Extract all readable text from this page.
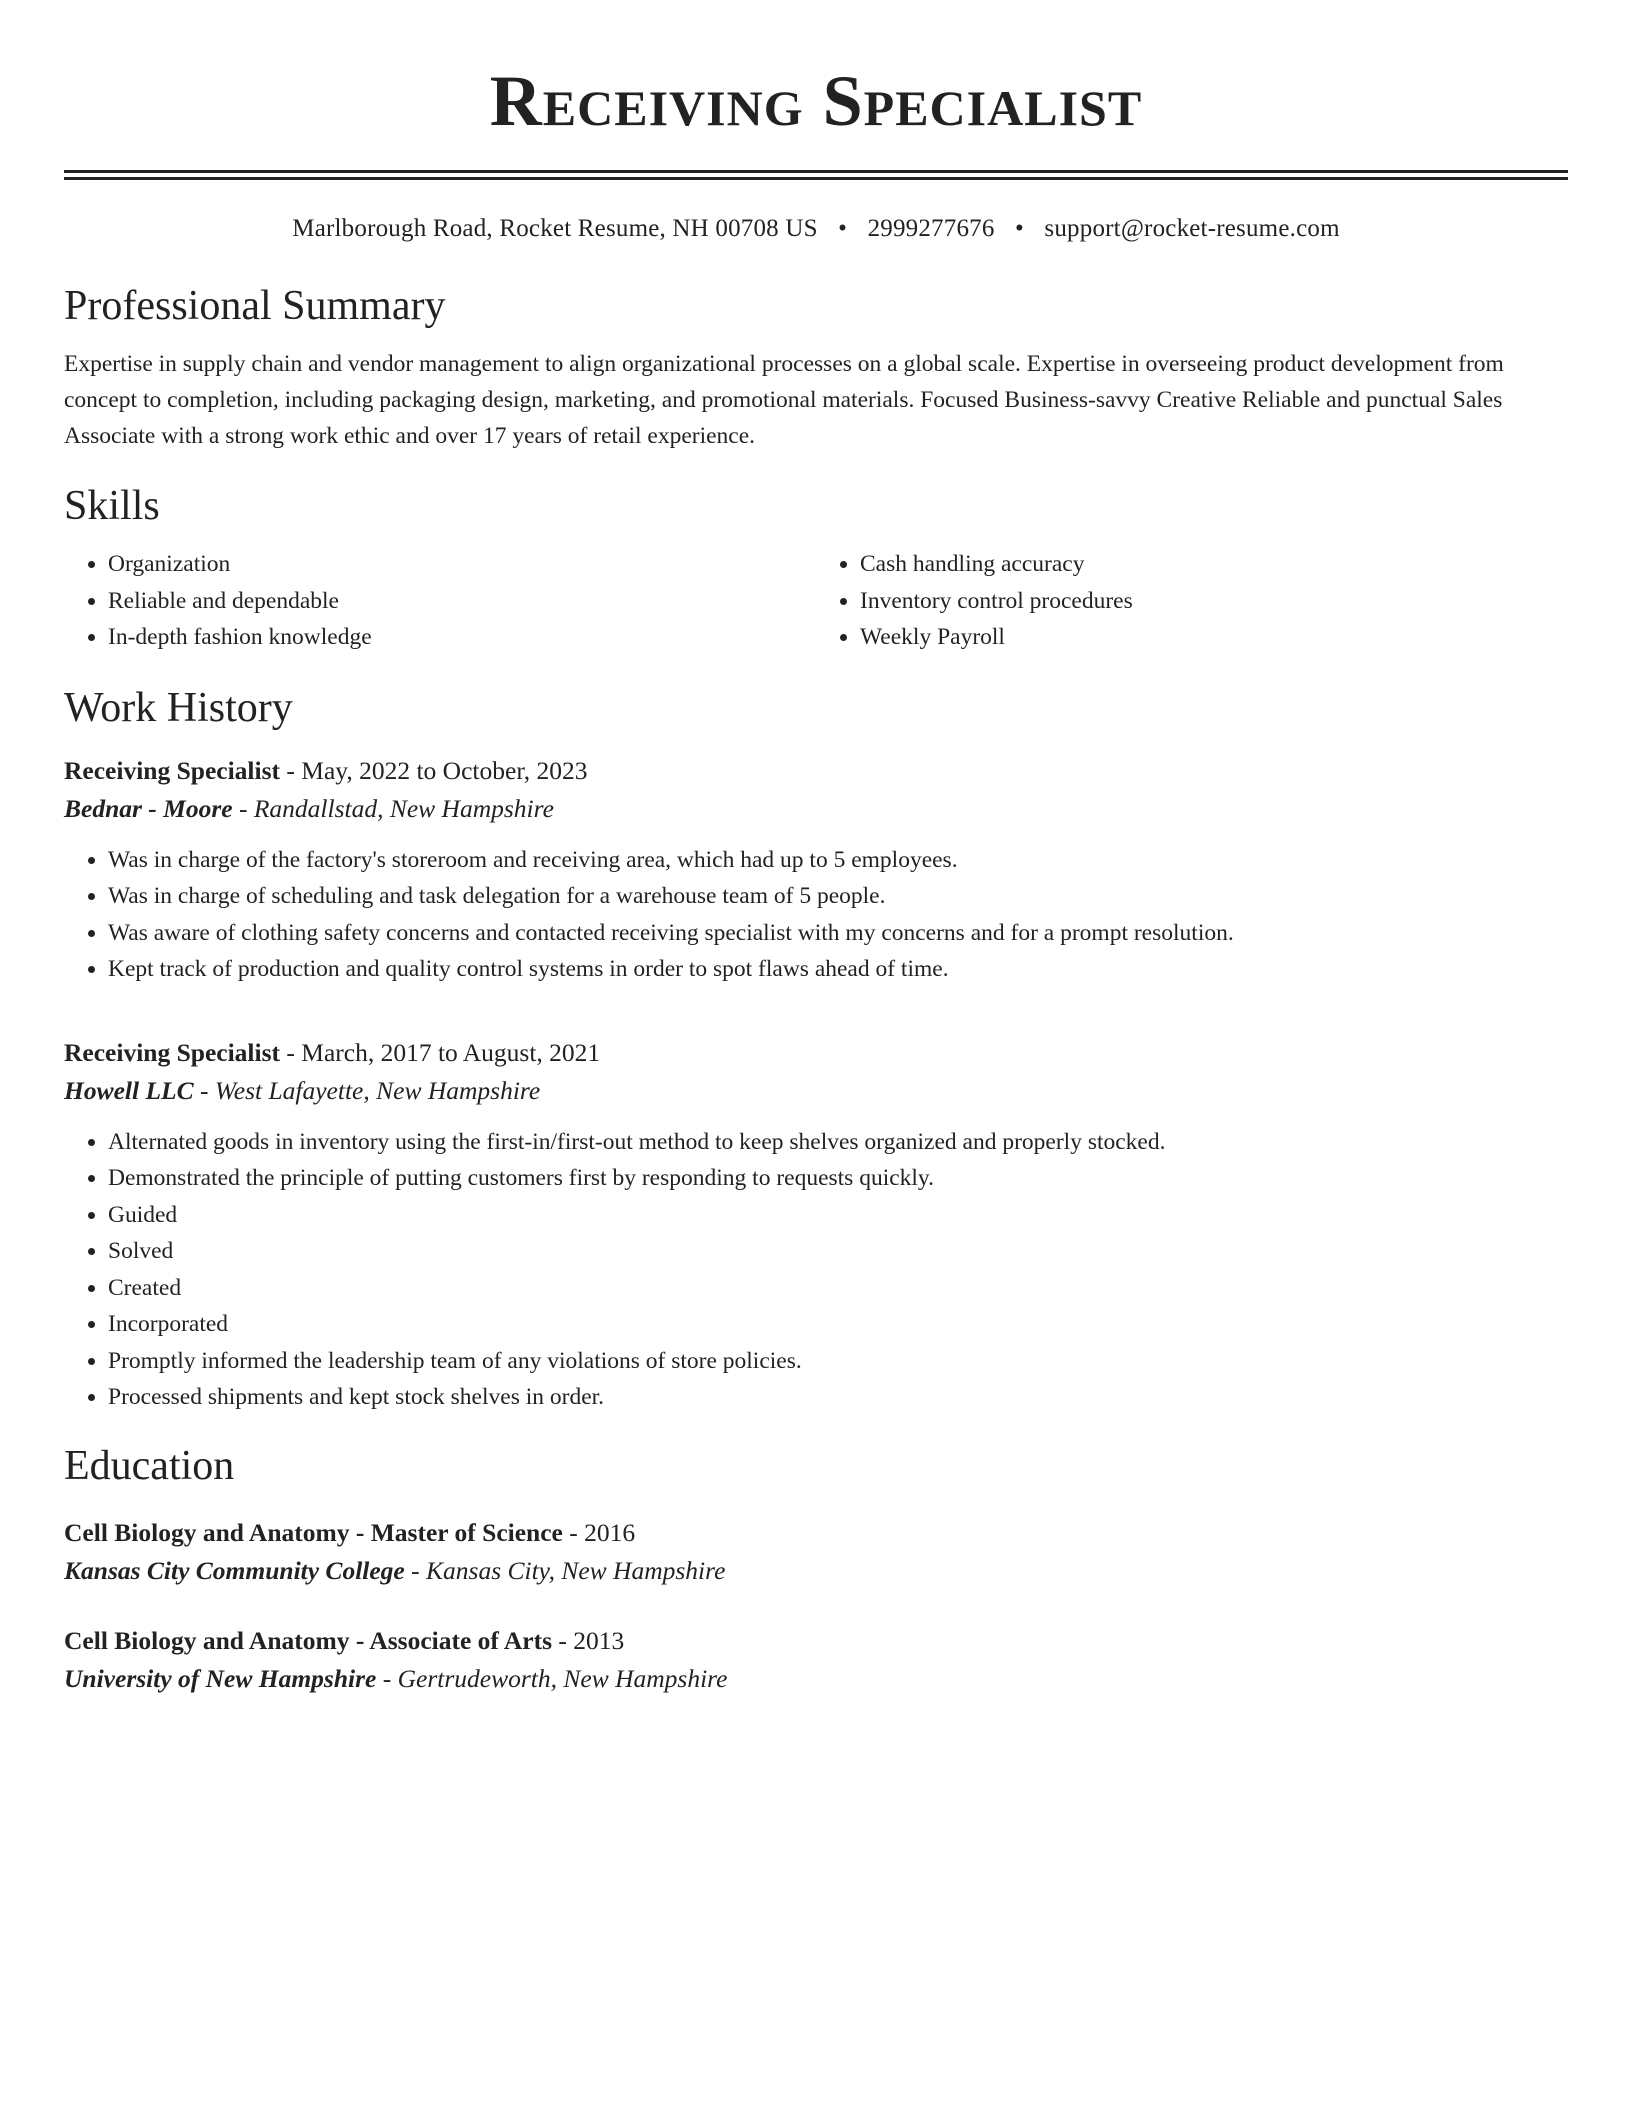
Receiving Specialist
Marlborough Road, Rocket Resume, NH 00708 US • 2999277676 • support@rocket-resume.com
Professional Summary

Expertise in supply chain and vendor management to align organizational processes on a global scale. Expertise in overseeing product development from concept to completion, including packaging design, marketing, and promotional materials. Focused Business-savvy Creative Reliable and punctual Sales Associate with a strong work ethic and over 17 years of retail experience.

Skills
• Organization
• Reliable and dependable
• In-depth fashion knowledge
• Cash handling accuracy
• Inventory control procedures
• Weekly Payroll
Work History
Receiving Specialist - May, 2022 to October, 2023
Bednar - Moore - Randallstad, New Hampshire
• Was in charge of the factory's storeroom and receiving area, which had up to 5 employees.
• Was in charge of scheduling and task delegation for a warehouse team of 5 people.
• Was aware of clothing safety concerns and contacted receiving specialist with my concerns and for a prompt resolution.
• Kept track of production and quality control systems in order to spot flaws ahead of time.
Receiving Specialist - March, 2017 to August, 2021
Howell LLC - West Lafayette, New Hampshire
• Alternated goods in inventory using the first-in/first-out method to keep shelves organized and properly stocked.
• Demonstrated the principle of putting customers first by responding to requests quickly.
• Guided
• Solved
• Created
• Incorporated
• Promptly informed the leadership team of any violations of store policies.
• Processed shipments and kept stock shelves in order.
Education
Cell Biology and Anatomy - Master of Science - 2016
Kansas City Community College - Kansas City, New Hampshire
Cell Biology and Anatomy - Associate of Arts - 2013
University of New Hampshire - Gertrudeworth, New Hampshire
